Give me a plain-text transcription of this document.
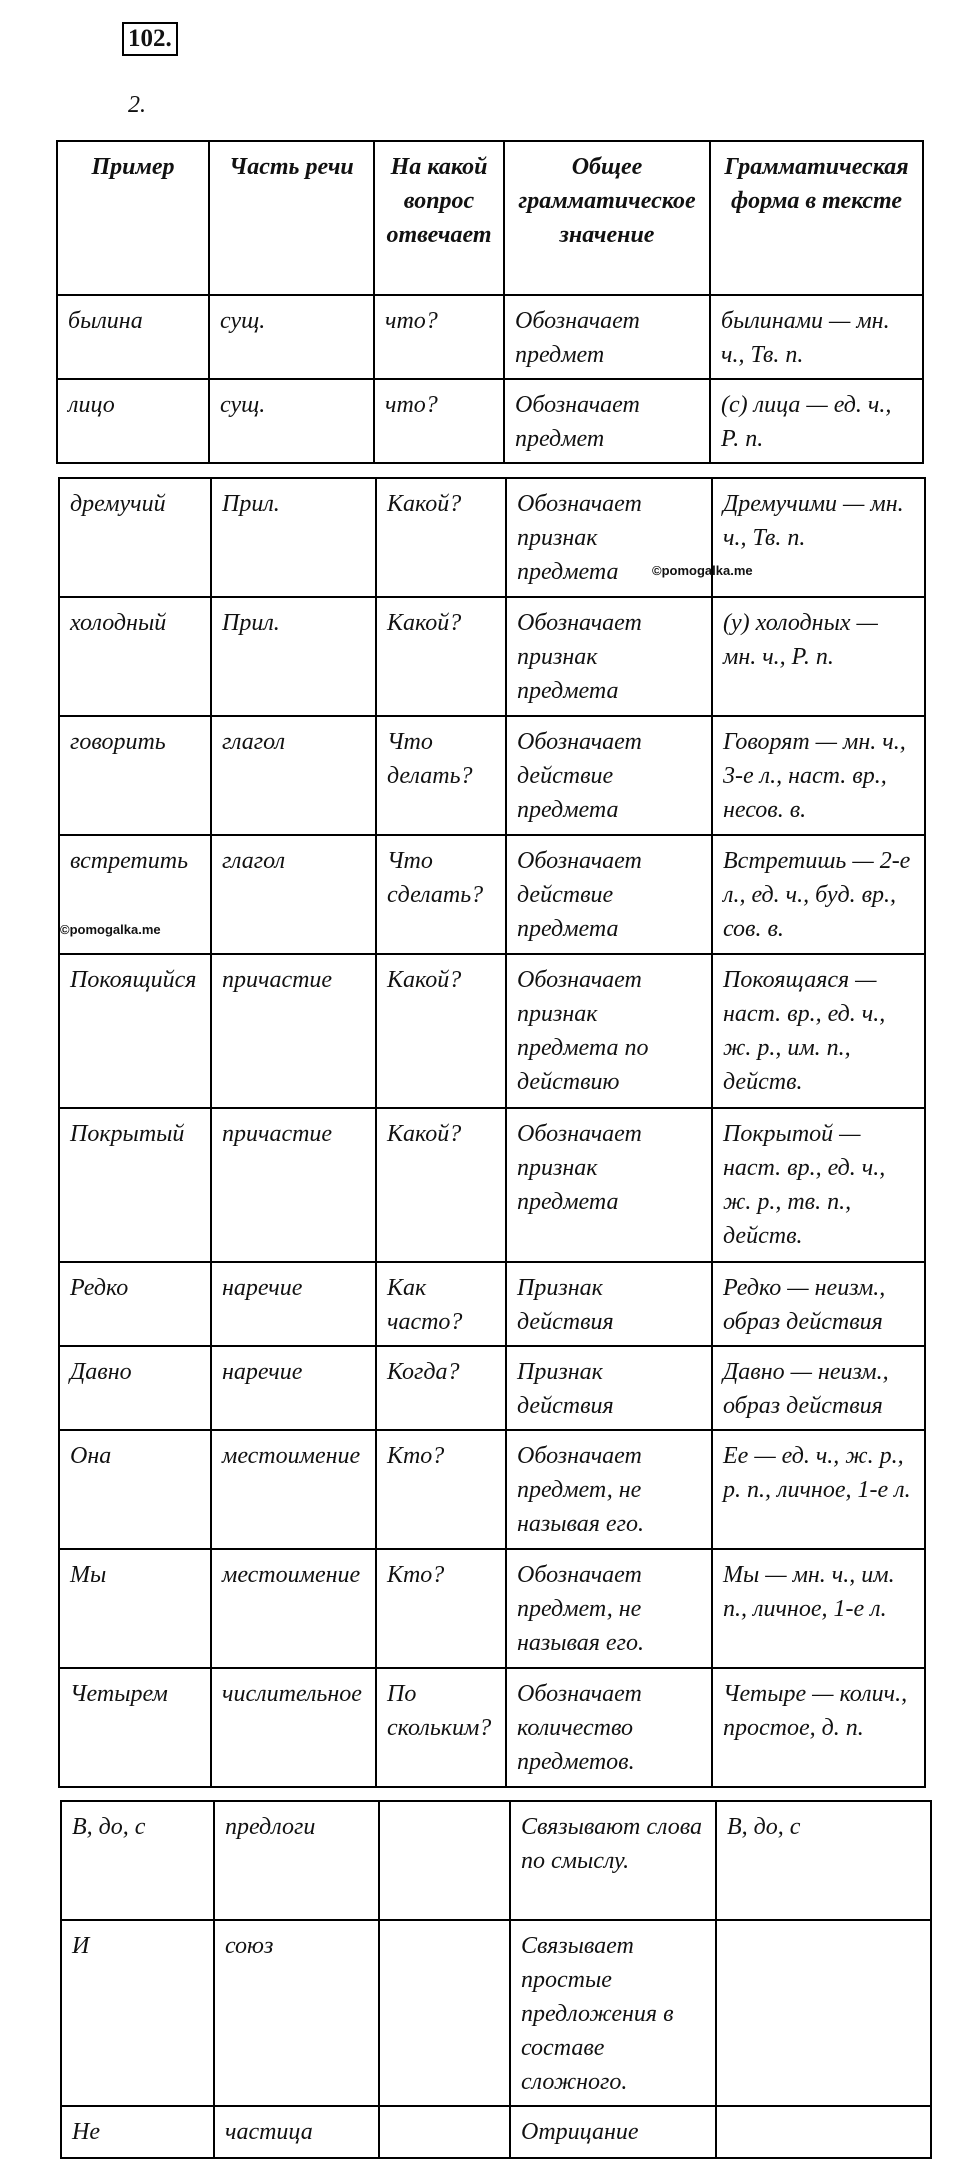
102.
2.
Пример	Часть речи	На какой вопрос отвечает	Общее грамматическое значение	Грамматическая форма в тексте
былина	сущ.	что?	Обозначает предмет	былинами — мн. ч., Тв. п.
лицо	сущ.	что?	Обозначает предмет	(с) лица — ед. ч., Р. п.
дремучий	Прил.	Какой?	Обозначает признак предмета	Дремучими — мн. ч., Тв. п.
холодный	Прил.	Какой?	Обозначает признак предмета	(у) холодных — мн. ч., Р. п.
говорить	глагол	Что делать?	Обозначает действие предмета	Говорят — мн. ч., 3-е л., наст. вр., несов. в.
встретить	глагол	Что сделать?	Обозначает действие предмета	Встретишь — 2-е л., ед. ч., буд. вр., сов. в.
Покоящийся	причастие	Какой?	Обозначает признак предмета по действию	Покоящаяся — наст. вр., ед. ч., ж. р., им. п., действ.
Покрытый	причастие	Какой?	Обозначает признак предмета	Покрытой — наст. вр., ед. ч., ж. р., тв. п., действ.
Редко	наречие	Как часто?	Признак действия	Редко — неизм., образ действия
Давно	наречие	Когда?	Признак действия	Давно — неизм., образ действия
Она	местоимение	Кто?	Обозначает предмет, не называя его.	Ее — ед. ч., ж. р., р. п., личное, 1-е л.
Мы	местоимение	Кто?	Обозначает предмет, не называя его.	Мы — мн. ч., им. п., личное, 1-е л.
Четырем	числительное	По скольким?	Обозначает количество предметов.	Четыре — колич., простое, д. п.
В, до, с	предлоги		Связывают слова по смыслу.	В, до, с
И	союз		Связывает простые предложения в составе сложного.	
Не	частица		Отрицание	
©pomogalka.me
©pomogalka.me
